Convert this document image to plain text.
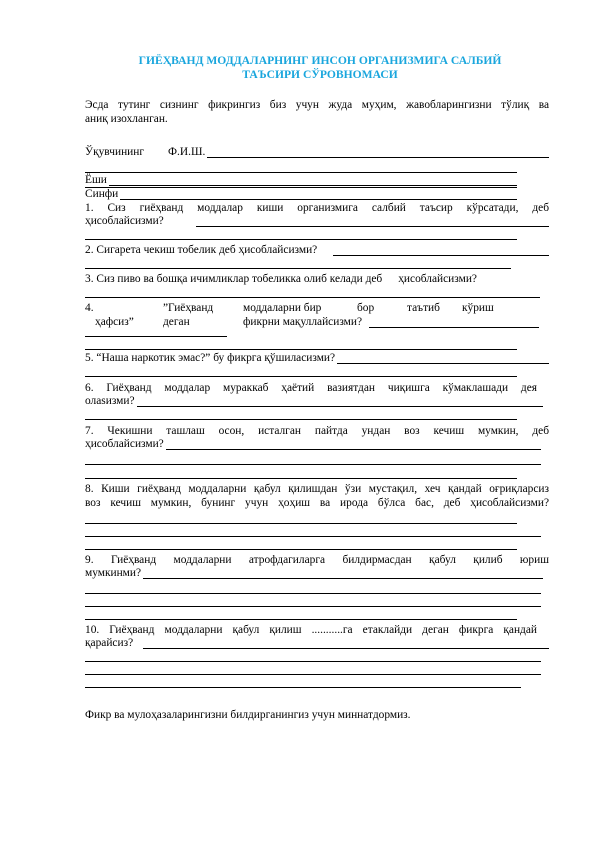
ГИЁҲВАНД МОДДАЛАРНИНГ ИНСОН ОРГАНИЗМИГА САЛБИЙ
ТАЪСИРИ СЎРОВНОМАСИ

Эсда тутинг сизнинг фикрингиз биз учун жуда муҳим, жавобларингизни тўлиқ ва

аниқ изохланган.

Ўқувчининг Ф.И.Ш.
Ёши
Синфи

1. Сиз гиёҳванд моддалар киши организмига салбий таъсир кўрсатади, деб

ҳисоблайсизми?
2. Сигарета чекиш тобелик деб ҳисоблайсизми?
3. Сиз пиво ва бошқа ичимликлар тобеликка олиб келади деб ҳисоблайсизми?
4.	”Гиёҳванд	моддаларни бир	бор	таътиб кўриш
ҳафсиз”	деган	фикрни мақуллайсизми?
5. “Наша наркотик эмас?” бу фикрга қўшиласизми?

6. Гиёҳванд моддалар мураккаб ҳаётий вазиятдан чиқишга кўмаклашади дея

олasизми?

7. Чекишни ташлаш осон, исталган пайтда ундан воз кечиш мумкин, деб

ҳисоблайсизми?

8. Киши гиёҳванд моддаларни қабул қилишдан ўзи мустақил, хеч қандай оғриқларсиз

воз кечиш мумкин, бунинг учун ҳоҳиш ва ирода бўлса бас, деб ҳисоблайсизми?

9. Гиёҳванд моддаларни атрофдагиларга билдирмасдан қабул қилиб юриш

мумкинми?

10. Гиёҳванд моддаларни қабул қилиш ...........га етаклайди деган фикрга қандай

қарайсиз?

Фикр ва мулоҳазаларингизни билдирганингиз учун миннатдормиз.
